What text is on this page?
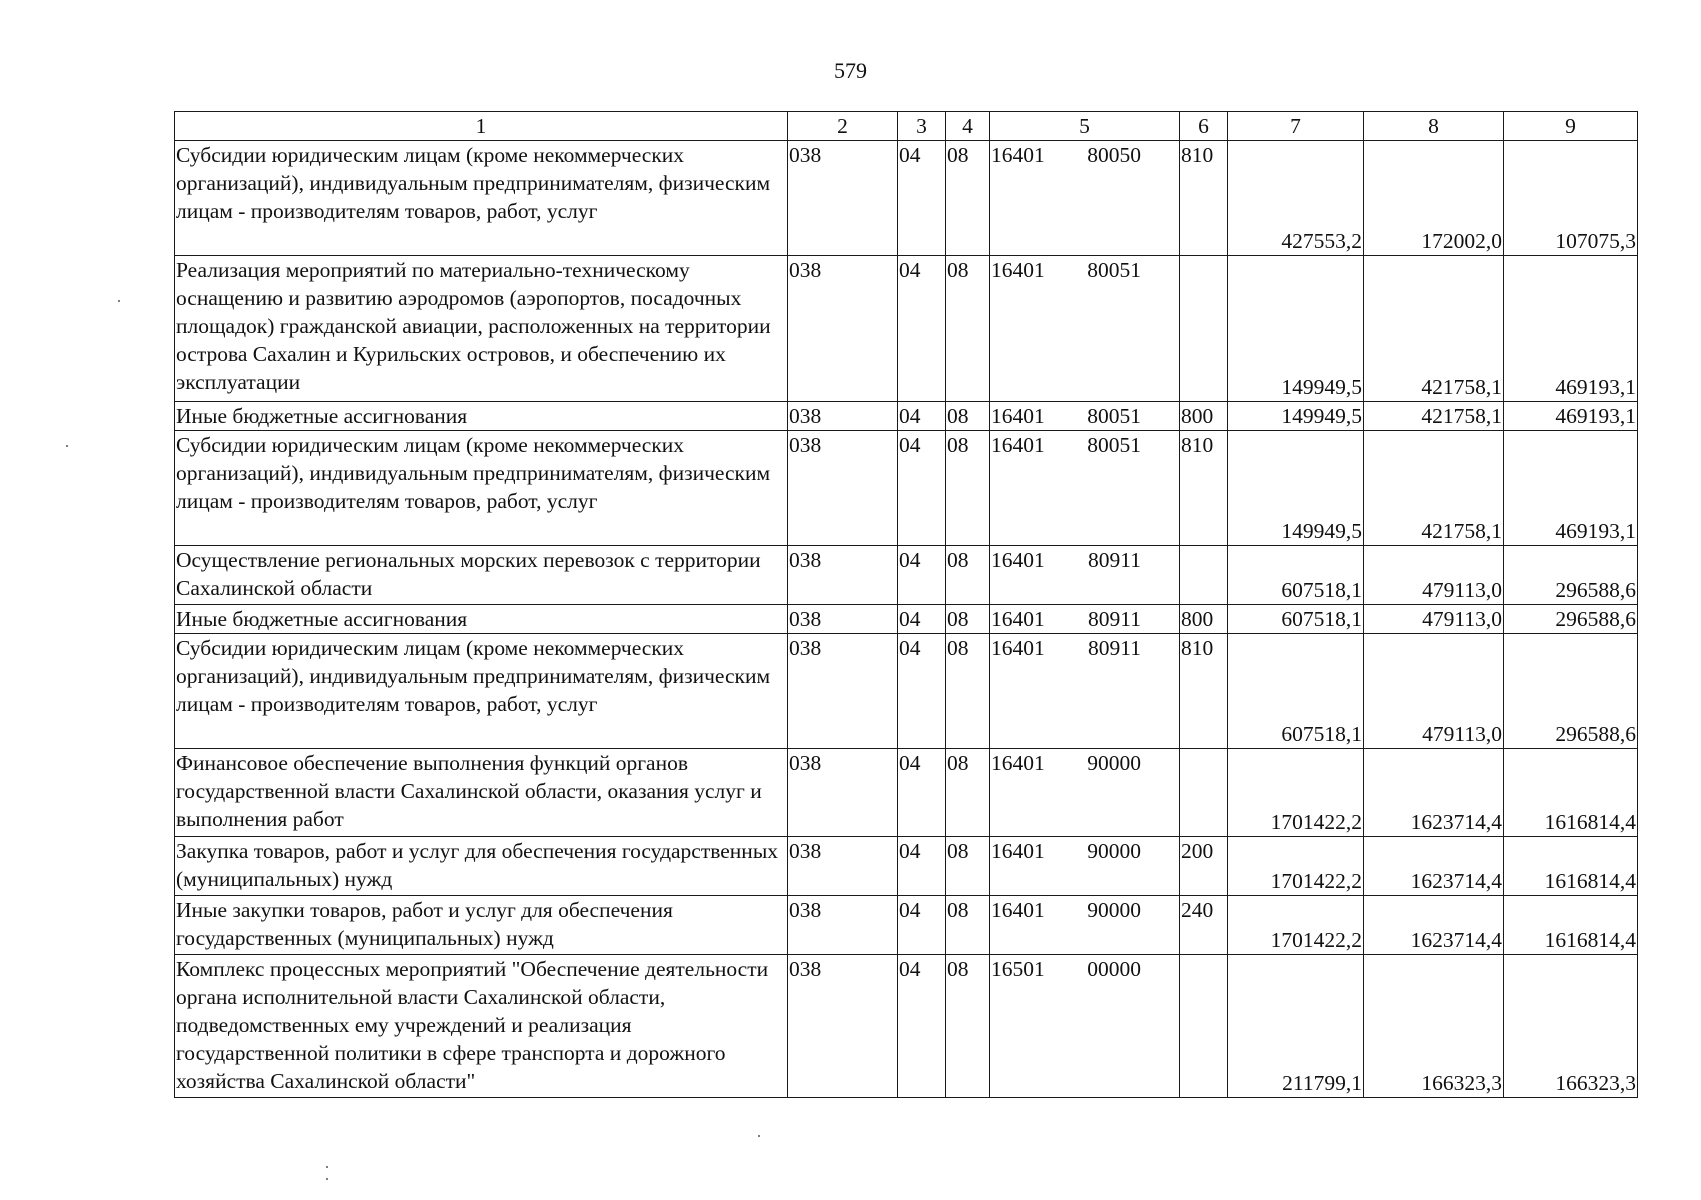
579
1	2	3	4	5	6	7	8	9
Субсидии юридическим лицам (кроме некоммерческих организаций), индивидуальным предпринимателям, физическим лицам - производителям товаров, работ, услуг	038	04	08	16401 80050	810	427553,2	172002,0	107075,3
Реализация мероприятий по материально-техническому оснащению и развитию аэродромов (аэропортов, посадочных площадок) гражданской авиации, расположенных на территории острова Сахалин и Курильских островов, и обеспечению их эксплуатации	038	04	08	16401 80051		149949,5	421758,1	469193,1
Иные бюджетные ассигнования	038	04	08	16401 80051	800	149949,5	421758,1	469193,1
Субсидии юридическим лицам (кроме некоммерческих организаций), индивидуальным предпринимателям, физическим лицам - производителям товаров, работ, услуг	038	04	08	16401 80051	810	149949,5	421758,1	469193,1
Осуществление региональных морских перевозок с территории Сахалинской области	038	04	08	16401 80911		607518,1	479113,0	296588,6
Иные бюджетные ассигнования	038	04	08	16401 80911	800	607518,1	479113,0	296588,6
Субсидии юридическим лицам (кроме некоммерческих организаций), индивидуальным предпринимателям, физическим лицам - производителям товаров, работ, услуг	038	04	08	16401 80911	810	607518,1	479113,0	296588,6
Финансовое обеспечение выполнения функций органов государственной власти Сахалинской области, оказания услуг и выполнения работ	038	04	08	16401 90000		1701422,2	1623714,4	1616814,4
Закупка товаров, работ и услуг для обеспечения государственных (муниципальных) нужд	038	04	08	16401 90000	200	1701422,2	1623714,4	1616814,4
Иные закупки товаров, работ и услуг для обеспечения государственных (муниципальных) нужд	038	04	08	16401 90000	240	1701422,2	1623714,4	1616814,4
Комплекс процессных мероприятий "Обеспечение деятельности органа исполнительной власти Сахалинской области, подведомственных ему учреждений и реализация государственной политики в сфере транспорта и дорожного хозяйства Сахалинской области"	038	04	08	16501 00000		211799,1	166323,3	166323,3
